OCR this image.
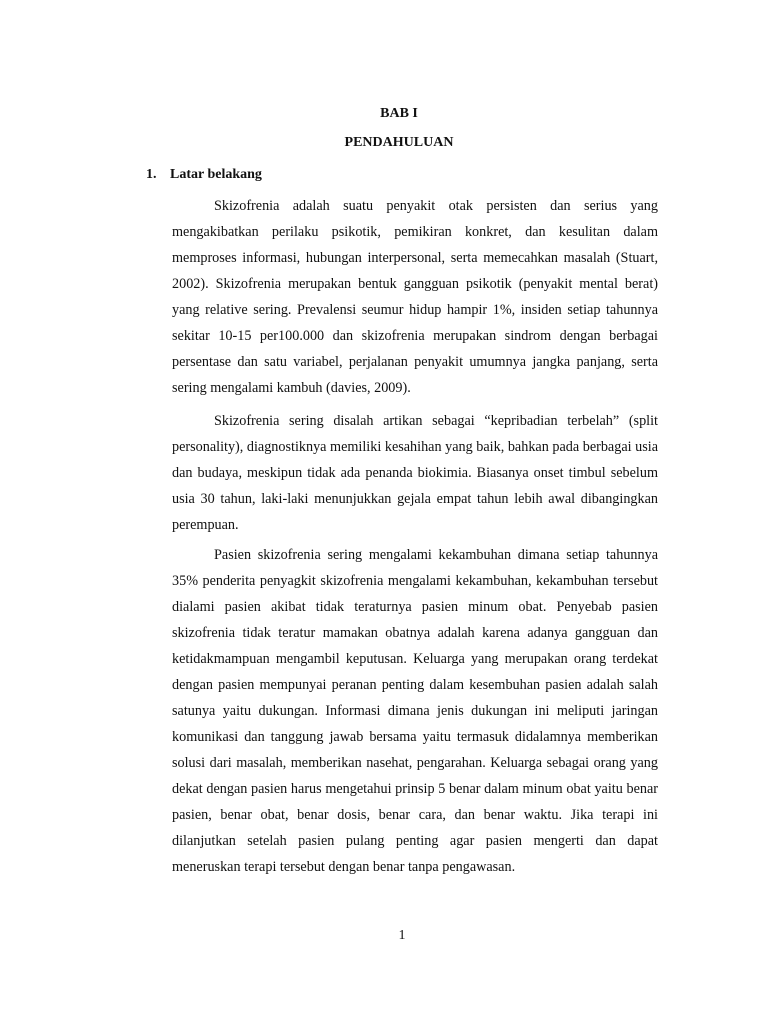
BAB I
PENDAHULUAN
1. Latar belakang

Skizofrenia adalah suatu penyakit otak persisten dan serius yang mengakibatkan perilaku psikotik, pemikiran konkret, dan kesulitan dalam memproses informasi, hubungan interpersonal, serta memecahkan masalah (Stuart, 2002). Skizofrenia merupakan bentuk gangguan psikotik (penyakit mental berat) yang relative sering. Prevalensi seumur hidup hampir 1%, insiden setiap tahunnya sekitar 10-15 per100.000 dan skizofrenia merupakan sindrom dengan berbagai persentase dan satu variabel, perjalanan penyakit umumnya jangka panjang, serta sering mengalami kambuh (davies, 2009).

Skizofrenia sering disalah artikan sebagai “kepribadian terbelah” (split personality), diagnostiknya memiliki kesahihan yang baik, bahkan pada berbagai usia dan budaya, meskipun tidak ada penanda biokimia. Biasanya onset timbul sebelum usia 30 tahun, laki-laki menunjukkan gejala empat tahun lebih awal dibangingkan perempuan.

Pasien skizofrenia sering mengalami kekambuhan dimana setiap tahunnya 35% penderita penyagkit skizofrenia mengalami kekambuhan, kekambuhan tersebut dialami pasien akibat tidak teraturnya pasien minum obat. Penyebab pasien skizofrenia tidak teratur mamakan obatnya adalah karena adanya gangguan dan ketidakmampuan mengambil keputusan. Keluarga yang merupakan orang terdekat dengan pasien mempunyai peranan penting dalam kesembuhan pasien adalah salah satunya yaitu dukungan. Informasi dimana jenis dukungan ini meliputi jaringan komunikasi dan tanggung jawab bersama yaitu termasuk didalamnya memberikan solusi dari masalah, memberikan nasehat, pengarahan. Keluarga sebagai orang yang dekat dengan pasien harus mengetahui prinsip 5 benar dalam minum obat yaitu benar pasien, benar obat, benar dosis, benar cara, dan benar waktu. Jika terapi ini dilanjutkan setelah pasien pulang penting agar pasien mengerti dan dapat meneruskan terapi tersebut dengan benar tanpa pengawasan.

1
